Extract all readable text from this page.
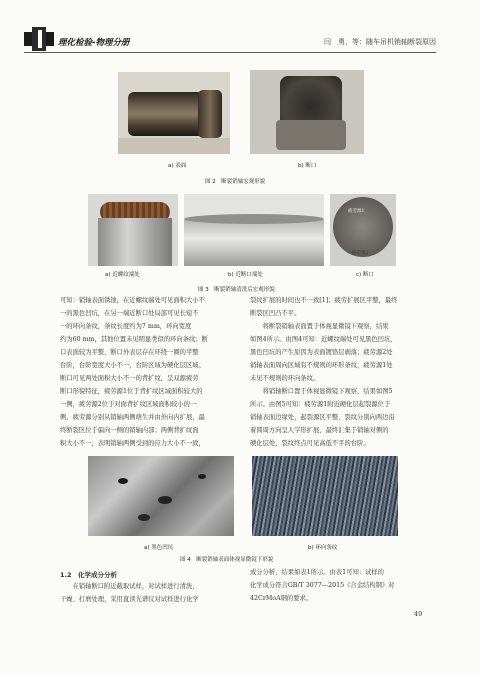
理化检验-物理分册	闫　勇，等：随车吊机销轴断裂原因
a) 表面	b) 断口
图 2　断裂销轴宏观形貌
a) 近螺纹端处	b) 近断口端处
疲劳源1
疲劳源2
c) 断口
图 3　断裂销轴清洗后宏观形貌
可知：销轴表面锈蚀，在近螺纹端处可见面积大小不
一的黑色凹坑，在另一端近断口处局部可见长短不
一的环向条纹，条纹长度约为7 mm，环向宽度
约为60 mm，其他位置未见明显类似的环向条纹；断
口表面较为平整，断口外表层存在环绕一圈的平整
台阶，台阶宽度大小不一，台阶区域为硬化层区域；
断口可见两处面积大小不一的背扩纹，呈双源疲劳
断口形貌特征，疲劳源1位于背扩纹区域面积较大的
一侧，疲劳源2位于对面背扩纹区域面积较小的一
侧，疲劳源分别从销轴两侧萌生并由外向内扩展，最
终断裂区位于偏向一侧的销轴内部；两侧背扩纹面
积大小不一，表明销轴两侧受到的应力大小不一致，
裂纹扩展的时间也不一致[1]；疲劳扩展区平整，最终
断裂区凹凸不平。
　　将断裂销轴表面置于体视显微镜下观察，结果
如图4所示。由图4可知：近螺纹端处可见黑色凹坑，
黑色凹坑的产生原因为表面镀铬层剥落；疲劳源2处
销轴表面周向区域有不规则的环形条纹，疲劳源1处
未见不规则的环向条纹。
　　将销轴断口置于体视显微镜下观察，结果如图5
所示。由图5可知：疲劳源1附近硬化层起裂源位于
销轴表面边缘处，起裂源区平整，裂纹分别向两边沿
着圆周方向呈人字形扩展，最终汇集于销轴对侧的
硬化层处，裂纹终点可见高低不平的台阶。
a) 黑色凹坑	b) 环向条纹
图 4　断裂销轴表面体视显微镜下形貌
1.2　化学成分分析
　　在销轴断口附近截取试样，对试样进行清洗、
干燥、打磨处理，采用直读光谱仪对试样进行化学
成分分析，结果如表1所示。由表1可知：试样的
化学成分符合GB/T 3077—2015《合金结构钢》对
42CrMoA钢的要求。
49
